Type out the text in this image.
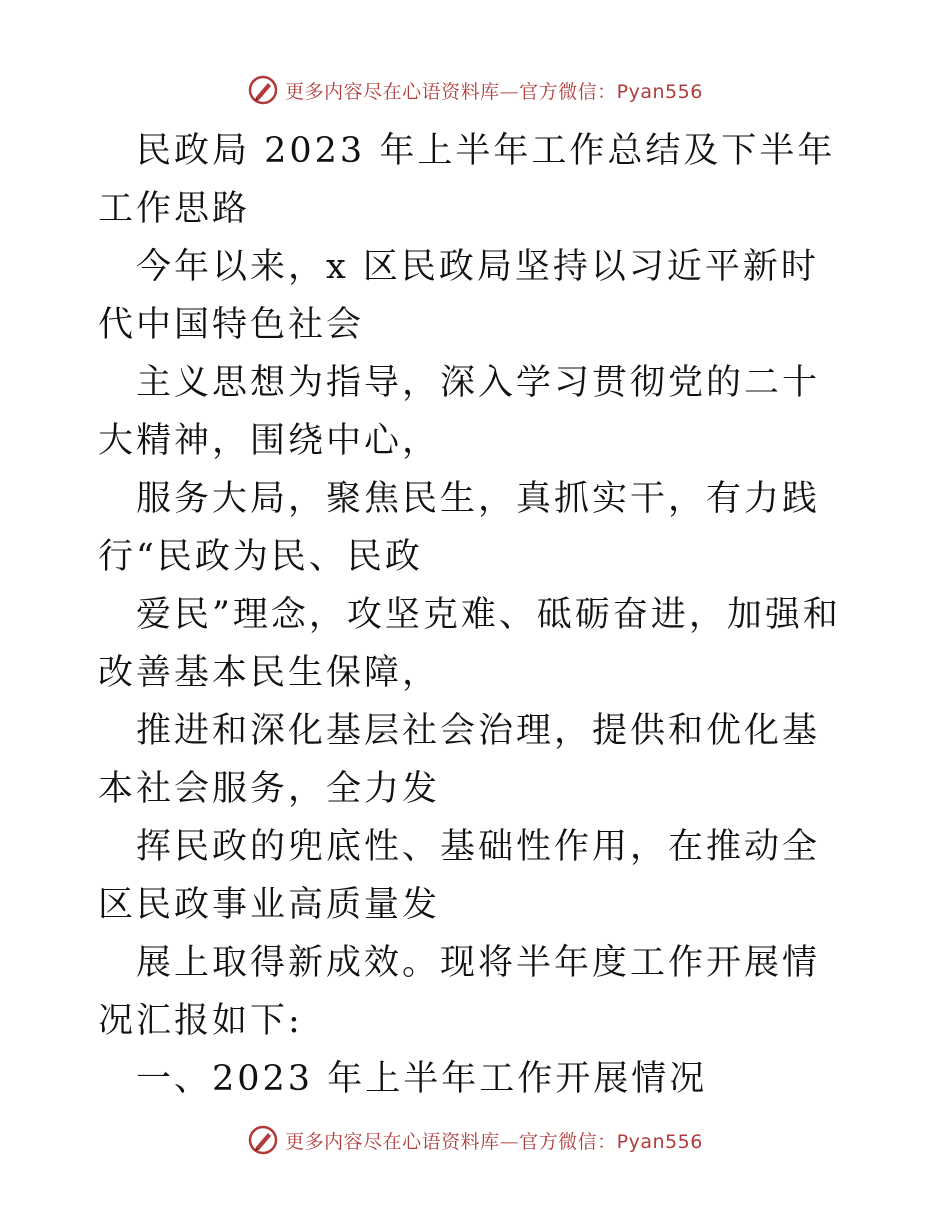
更多内容尽在心语资料库—官方微信：Pyan556

民政局 2023 年上半年工作总结及下半年工作思路

今年以来，x 区民政局坚持以习近平新时代中国特色社会

主义思想为指导，深入学习贯彻党的二十大精神，围绕中心，

服务大局，聚焦民生，真抓实干，有力践行“民政为民、民政

爱民”理念，攻坚克难、砥砺奋进，加强和改善基本民生保障，

推进和深化基层社会治理，提供和优化基本社会服务，全力发

挥民政的兜底性、基础性作用，在推动全区民政事业高质量发

展上取得新成效。现将半年度工作开展情况汇报如下:

一、2023 年上半年工作开展情况

更多内容尽在心语资料库—官方微信：Pyan556
